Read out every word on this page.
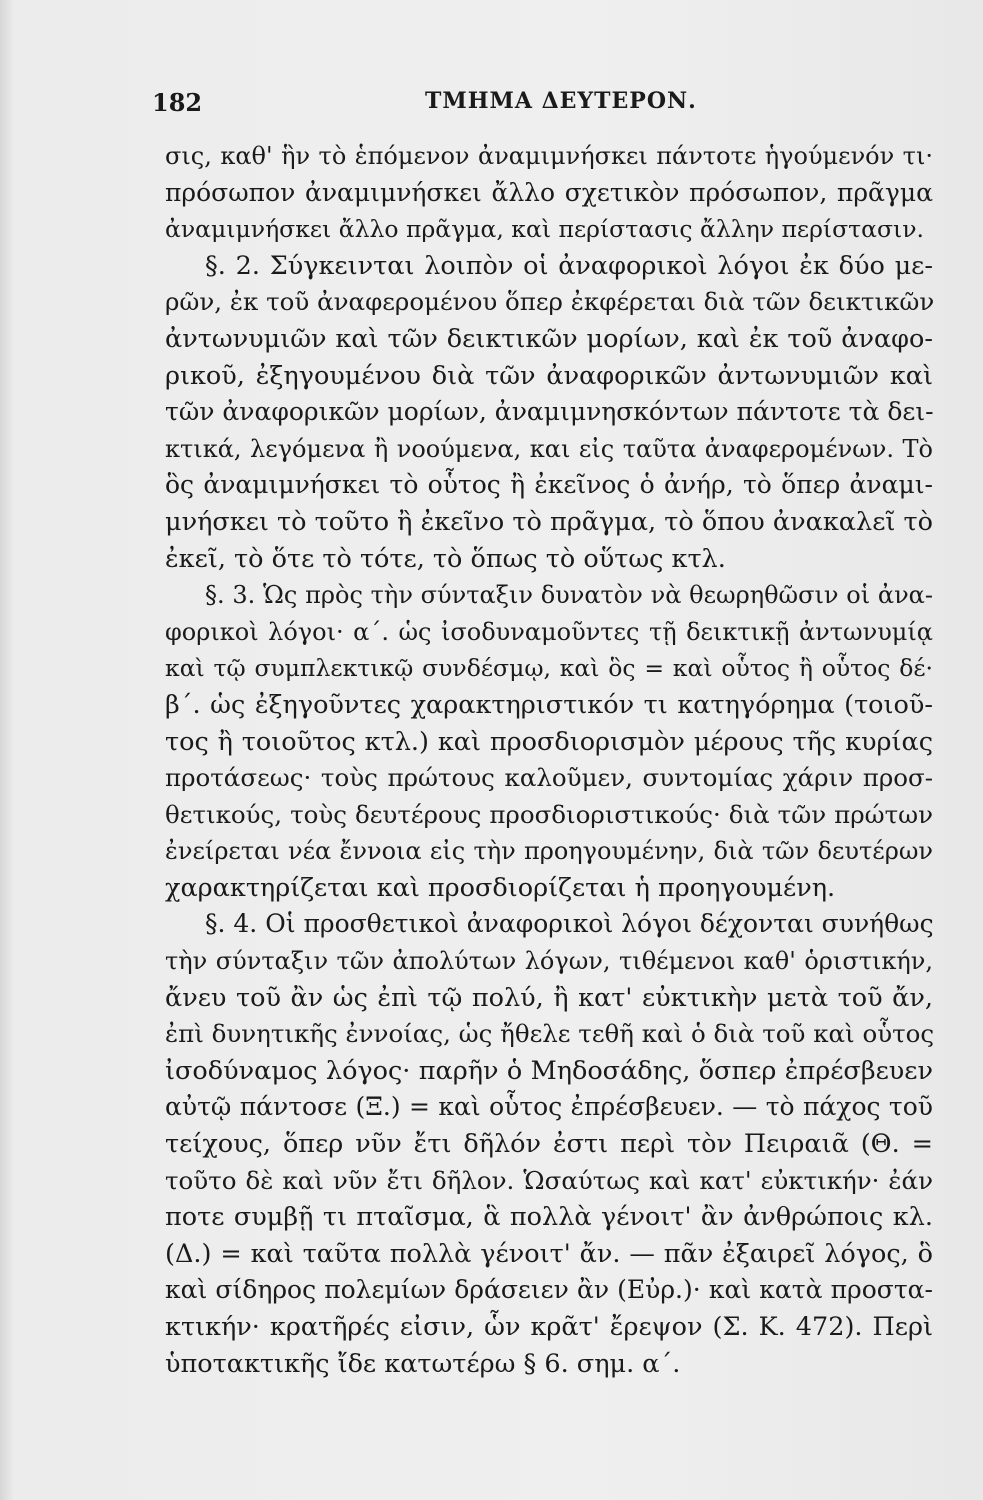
182	ΤΜΗΜΑ ΔΕΥΤΕΡΟΝ.
σις, καθ' ἣν τὸ ἑπόμενον ἀναμιμνήσκει πάντοτε ἡγούμενόν τι·
πρόσωπον ἀναμιμνήσκει ἄλλο σχετικὸν πρόσωπον, πρᾶγμα
ἀναμιμνήσκει ἄλλο πρᾶγμα, καὶ περίστασις ἄλλην περίστασιν.
§. 2. Σύγκεινται λοιπὸν οἱ ἀναφορικοὶ λόγοι ἐκ δύο με-
ρῶν, ἐκ τοῦ ἀναφερομένου ὅπερ ἐκφέρεται διὰ τῶν δεικτικῶν
ἀντωνυμιῶν καὶ τῶν δεικτικῶν μορίων, καὶ ἐκ τοῦ ἀναφο-
ρικοῦ, ἐξηγουμένου διὰ τῶν ἀναφορικῶν ἀντωνυμιῶν καὶ
τῶν ἀναφορικῶν μορίων, ἀναμιμνησκόντων πάντοτε τὰ δει-
κτικά, λεγόμενα ἢ νοούμενα, και εἰς ταῦτα ἀναφερομένων. Τὸ
ὃς ἀναμιμνήσκει τὸ οὗτος ἢ ἐκεῖνος ὁ ἀνήρ, τὸ ὅπερ ἀναμι-
μνήσκει τὸ τοῦτο ἢ ἐκεῖνο τὸ πρᾶγμα, τὸ ὅπου ἀνακαλεῖ τὸ
ἐκεῖ, τὸ ὅτε τὸ τότε, τὸ ὅπως τὸ οὕτως κτλ.
§. 3. Ὡς πρὸς τὴν σύνταξιν δυνατὸν νὰ θεωρηθῶσιν οἱ ἀνα-
φορικοὶ λόγοι· α΄. ὡς ἰσοδυναμοῦντες τῇ δεικτικῇ ἀντωνυμίᾳ
καὶ τῷ συμπλεκτικῷ συνδέσμῳ, καὶ ὃς = καὶ οὗτος ἢ οὗτος δέ·
β΄. ὡς ἐξηγοῦντες χαρακτηριστικόν τι κατηγόρημα (τοιοῦ-
τος ἢ τοιοῦτος κτλ.) καὶ προσδιορισμὸν μέρους τῆς κυρίας
προτάσεως· τοὺς πρώτους καλοῦμεν, συντομίας χάριν προσ-
θετικούς, τοὺς δευτέρους προσδιοριστικούς· διὰ τῶν πρώτων
ἐνείρεται νέα ἔννοια εἰς τὴν προηγουμένην, διὰ τῶν δευτέρων
χαρακτηρίζεται καὶ προσδιορίζεται ἡ προηγουμένη.
§. 4. Οἱ προσθετικοὶ ἀναφορικοὶ λόγοι δέχονται συνήθως
τὴν σύνταξιν τῶν ἀπολύτων λόγων, τιθέμενοι καθ' ὁριστικήν,
ἄνευ τοῦ ἂν ὡς ἐπὶ τῷ πολύ, ἢ κατ' εὐκτικὴν μετὰ τοῦ ἄν,
ἐπὶ δυνητικῆς ἐννοίας, ὡς ἤθελε τεθῆ καὶ ὁ διὰ τοῦ καὶ οὗτος
ἰσοδύναμος λόγος· παρῆν ὁ Μηδοσάδης, ὅσπερ ἐπρέσβευεν
αὐτῷ πάντοσε (Ξ.) = καὶ οὗτος ἐπρέσβευεν. — τὸ πάχος τοῦ
τείχους, ὅπερ νῦν ἔτι δῆλόν ἐστι περὶ τὸν Πειραιᾶ (Θ. =
τοῦτο δὲ καὶ νῦν ἔτι δῆλον. Ὡσαύτως καὶ κατ' εὐκτικήν· ἐάν
ποτε συμβῇ τι πταῖσμα, ἃ πολλὰ γένοιτ' ἂν ἀνθρώποις κλ.
(Δ.) = καὶ ταῦτα πολλὰ γένοιτ' ἄν. — πᾶν ἐξαιρεῖ λόγος, ὃ
καὶ σίδηρος πολεμίων δράσειεν ἂν (Εὐρ.)· καὶ κατὰ προστα-
κτικήν· κρατῆρές εἰσιν, ὧν κρᾶτ' ἔρεψον (Σ. Κ. 472). Περὶ
ὑποτακτικῆς ἴδε κατωτέρω § 6. σημ. α΄.
